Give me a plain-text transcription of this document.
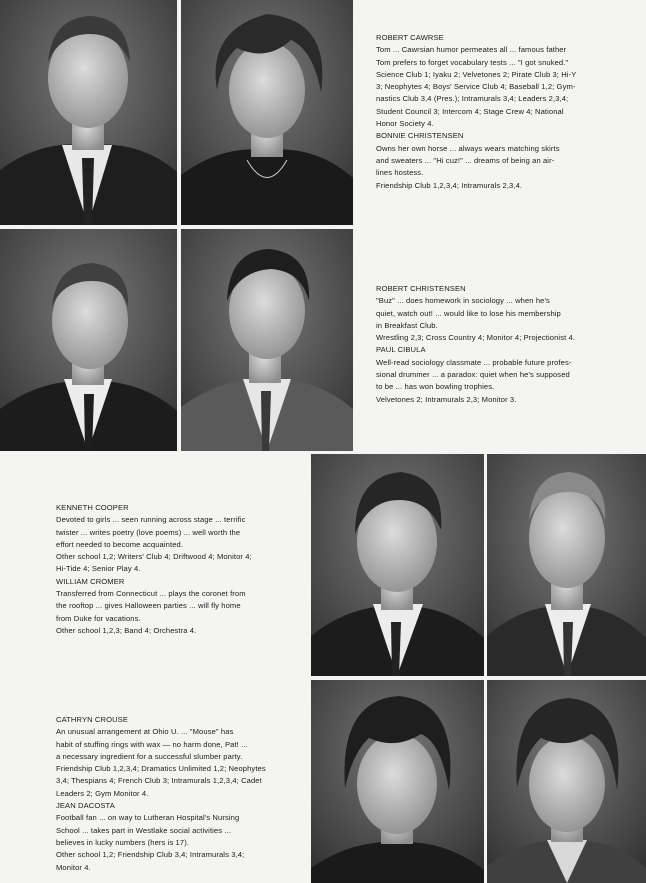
ROBERT CAWRSE

Tom ... Cawrsian humor permeates all ... famous father

Tom prefers to forget vocabulary tests ... "I got snuked."

Science Club 1; Iyaku 2; Velvetones 2; Pirate Club 3; Hi-Y

3; Neophytes 4; Boys' Service Club 4; Baseball 1,2; Gym-

nastics Club 3,4 (Pres.); Intramurals 3,4; Leaders 2,3,4;

Student Council 3; Intercom 4; Stage Crew 4; National

Honor Society 4.

BONNIE CHRISTENSEN

Owns her own horse ... always wears matching skirts

and sweaters ... "Hi cuz!" ... dreams of being an air-

lines hostess.

Friendship Club 1,2,3,4; Intramurals 2,3,4.

ROBERT CHRISTENSEN

"Buz" ... does homework in sociology ... when he's

quiet, watch out! ... would like to lose his membership

in Breakfast Club.

Wrestling 2,3; Cross Country 4; Monitor 4; Projectionist 4.

PAUL CIBULA

Well-read sociology classmate ... probable future profes-

sional drummer ... a paradox: quiet when he's supposed

to be ... has won bowling trophies.

Velvetones 2; Intramurals 2,3; Monitor 3.

KENNETH COOPER

Devoted to girls ... seen running across stage ... terrific

twister ... writes poetry (love poems) ... well worth the

effort needed to become acquainted.

Other school 1,2; Writers' Club 4; Driftwood 4; Monitor 4;

Hi-Tide 4; Senior Play 4.

WILLIAM CROMER

Transferred from Connecticut ... plays the coronet from

the rooftop ... gives Halloween parties ... will fly home

from Duke for vacations.

Other school 1,2,3; Band 4; Orchestra 4.

CATHRYN CROUSE

An unusual arrangement at Ohio U. ... "Mouse" has

habit of stuffing rings with wax — no harm done, Pat! ...

a necessary ingredient for a successful slumber party.

Friendship Club 1,2,3,4; Dramatics Unlimited 1,2; Neophytes

3,4; Thespians 4; French Club 3; Intramurals 1,2,3,4; Cadet

Leaders 2; Gym Monitor 4.

JEAN DACOSTA

Football fan ... on way to Lutheran Hospital's Nursing

School ... takes part in Westlake social activities ...

believes in lucky numbers (hers is 17).

Other school 1,2; Friendship Club 3,4; Intramurals 3,4;

Monitor 4.
